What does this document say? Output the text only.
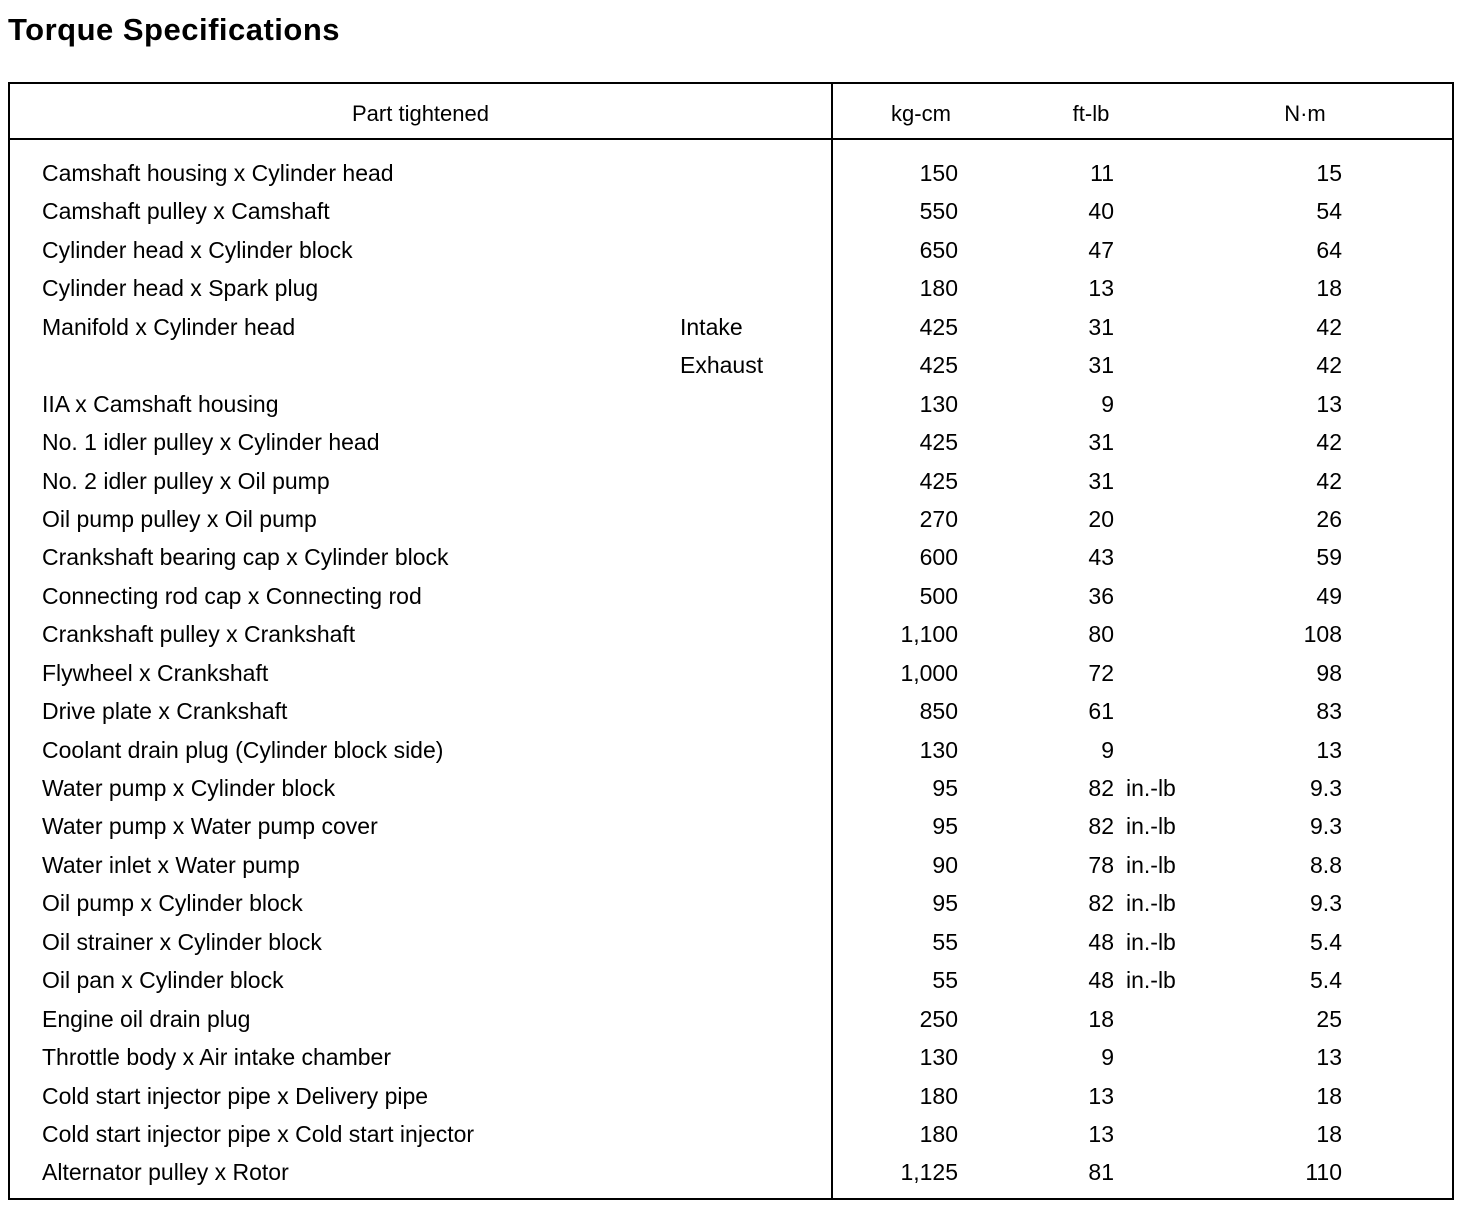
Torque Specifications
Part tightened	kg-cm	ft-lb	N·m
Camshaft housing x Cylinder head	150	11	15
Camshaft pulley x Camshaft	550	40	54
Cylinder head x Cylinder block	650	47	64
Cylinder head x Spark plug	180	13	18
Manifold x Cylinder head	Intake	425	31	42
Exhaust	425	31	42
IIA x Camshaft housing	130	9	13
No. 1 idler pulley x Cylinder head	425	31	42
No. 2 idler pulley x Oil pump	425	31	42
Oil pump pulley x Oil pump	270	20	26
Crankshaft bearing cap x Cylinder block	600	43	59
Connecting rod cap x Connecting rod	500	36	49
Crankshaft pulley x Crankshaft	1,100	80	108
Flywheel x Crankshaft	1,000	72	98
Drive plate x Crankshaft	850	61	83
Coolant drain plug (Cylinder block side)	130	9	13
Water pump x Cylinder block	95	82 in.-lb	9.3
Water pump x Water pump cover	95	82 in.-lb	9.3
Water inlet x Water pump	90	78 in.-lb	8.8
Oil pump x Cylinder block	95	82 in.-lb	9.3
Oil strainer x Cylinder block	55	48 in.-lb	5.4
Oil pan x Cylinder block	55	48 in.-lb	5.4
Engine oil drain plug	250	18	25
Throttle body x Air intake chamber	130	9	13
Cold start injector pipe x Delivery pipe	180	13	18
Cold start injector pipe x Cold start injector	180	13	18
Alternator pulley x Rotor	1,125	81	110
